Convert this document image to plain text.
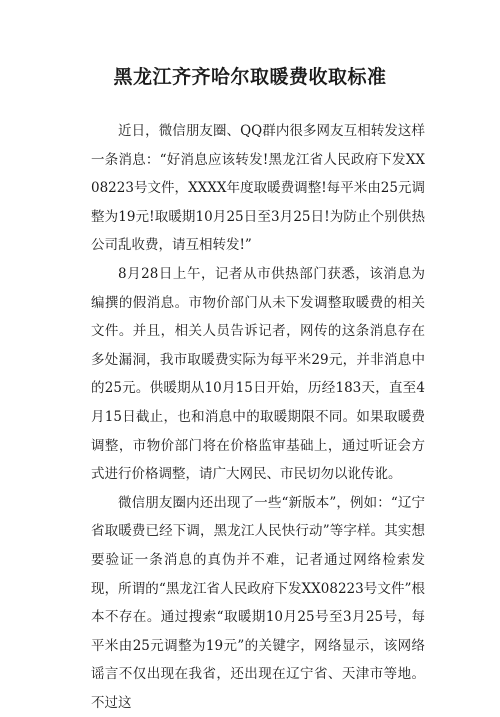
黑龙江齐齐哈尔取暖费收取标准

近日，微信朋友圈、QQ群内很多网友互相转发这样一条消息：“好消息应该转发!黑龙江省人民政府下发XX08223号文件，XXXX年度取暖费调整!每平米由25元调整为19元!取暖期10月25日至3月25日!为防止个别供热公司乱收费，请互相转发!”

8月28日上午，记者从市供热部门获悉，该消息为编撰的假消息。市物价部门从未下发调整取暖费的相关文件。并且，相关人员告诉记者，网传的这条消息存在多处漏洞，我市取暖费实际为每平米29元，并非消息中的25元。供暖期从10月15日开始，历经183天，直至4月15日截止，也和消息中的取暖期限不同。如果取暖费调整，市物价部门将在价格监审基础上，通过听证会方式进行价格调整，请广大网民、市民切勿以讹传讹。

微信朋友圈内还出现了一些“新版本”，例如：“辽宁省取暖费已经下调，黑龙江人民快行动”等字样。其实想要验证一条消息的真伪并不难，记者通过网络检索发现，所谓的“黑龙江省人民政府下发XX08223号文件”根本不存在。通过搜索“取暖期10月25号至3月25号，每平米由25元调整为19元”的关键字，网络显示，该网络谣言不仅出现在我省，还出现在辽宁省、天津市等地。不过这
